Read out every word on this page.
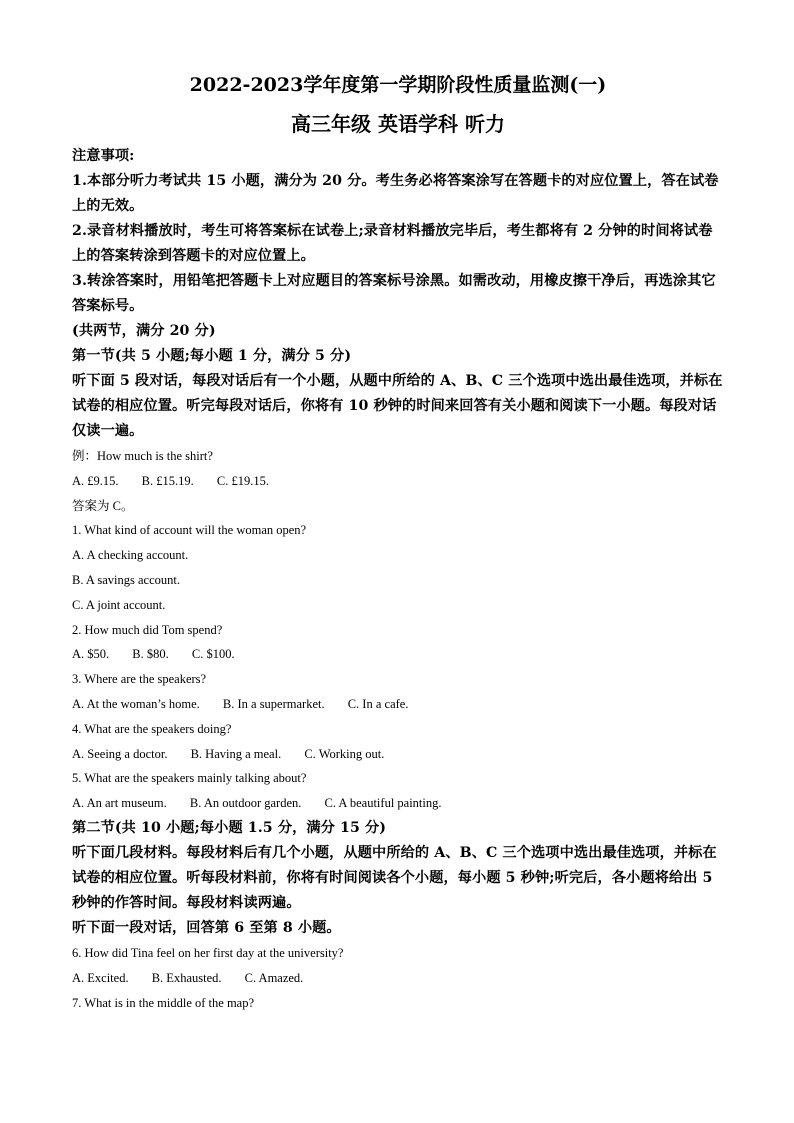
2022-2023学年度第一学期阶段性质量监测(一)
高三年级 英语学科 听力
注意事项:
1.本部分听力考试共 15 小题，满分为 20 分。考生务必将答案涂写在答题卡的对应位置上，答在试卷上的无效。
2.录音材料播放时，考生可将答案标在试卷上;录音材料播放完毕后，考生都将有 2 分钟的时间将试卷上的答案转涂到答题卡的对应位置上。
3.转涂答案时，用铅笔把答题卡上对应题目的答案标号涂黑。如需改动，用橡皮擦干净后，再选涂其它答案标号。
(共两节，满分 20 分)
第一节(共 5 小题;每小题 1 分，满分 5 分)
听下面 5 段对话，每段对话后有一个小题，从题中所给的 A、B、C 三个选项中选出最佳选项，并标在试卷的相应位置。听完每段对话后，你将有 10 秒钟的时间来回答有关小题和阅读下一小题。每段对话仅读一遍。
例：How much is the shirt?
A. £9.15. B. £15.19. C. £19.15.
答案为 C。
1. What kind of account will the woman open?
A. A checking account.
B. A savings account.
C. A joint account.
2. How much did Tom spend?
A. $50. B. $80. C. $100.
3. Where are the speakers?
A. At the woman’s home. B. In a supermarket. C. In a cafe.
4. What are the speakers doing?
A. Seeing a doctor. B. Having a meal. C. Working out.
5. What are the speakers mainly talking about?
A. An art museum. B. An outdoor garden. C. A beautiful painting.
第二节(共 10 小题;每小题 1.5 分，满分 15 分)
听下面几段材料。每段材料后有几个小题，从题中所给的 A、B、C 三个选项中选出最佳选项，并标在试卷的相应位置。听每段材料前，你将有时间阅读各个小题，每小题 5 秒钟;听完后，各小题将给出 5 秒钟的作答时间。每段材料读两遍。
听下面一段对话，回答第 6 至第 8 小题。
6. How did Tina feel on her first day at the university?
A. Excited. B. Exhausted. C. Amazed.
7. What is in the middle of the map?
